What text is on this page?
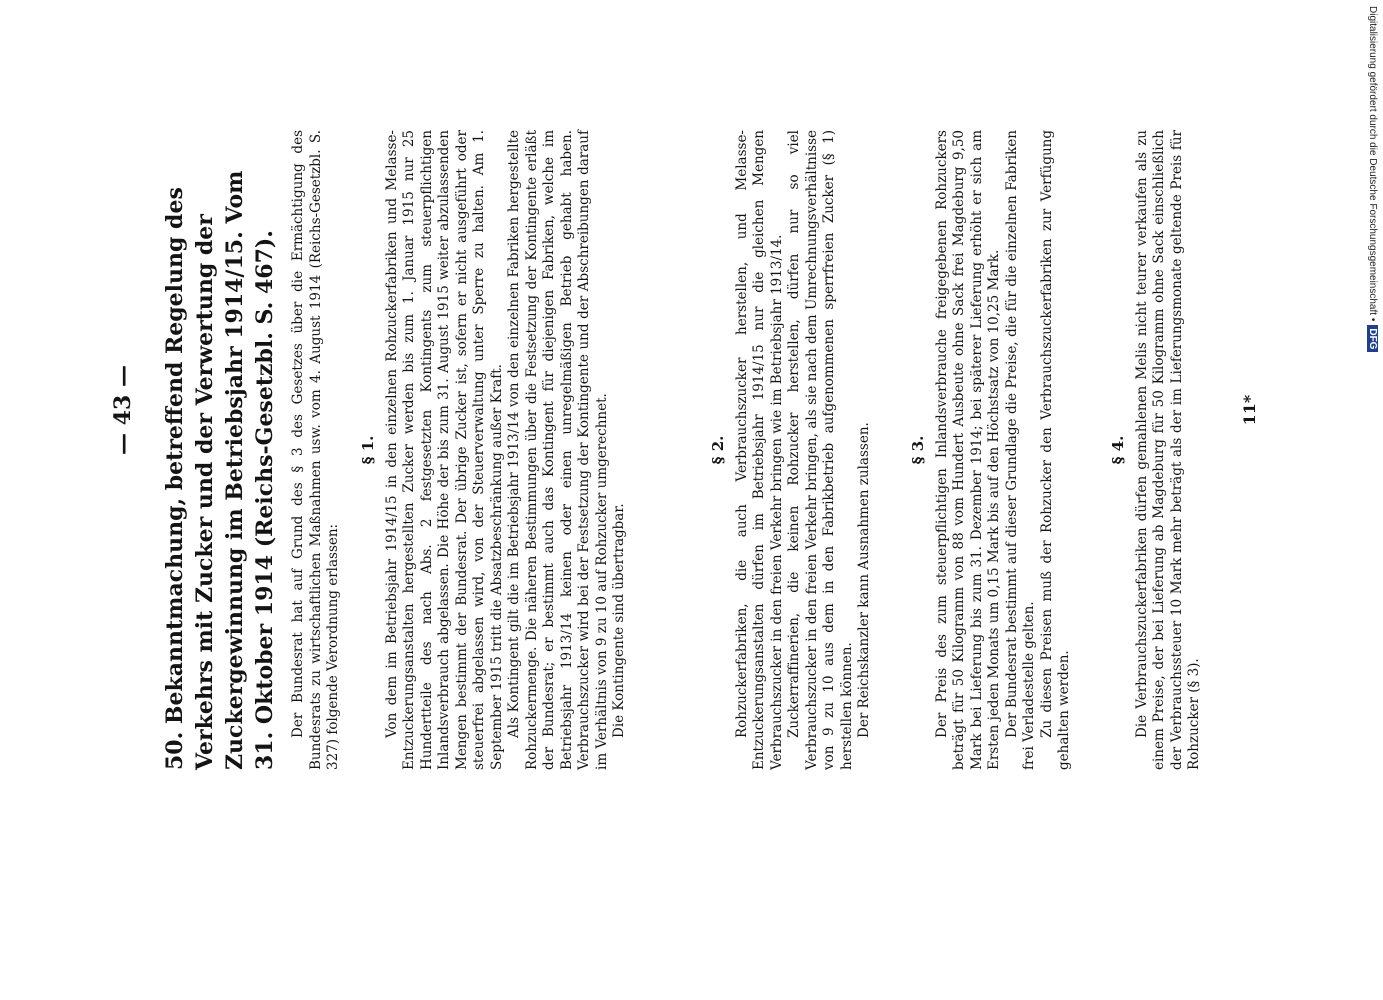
— 43 — 50. Bekanntmachung, betreffend Regelung des Verkehrs mit Zucker und der Verwertung der Zuckergewinnung im Betriebsjahr 1914/15. Vom 31. Oktober 1914 (Reichs-Gesetzbl. S. 467). Der Bundesrat hat auf Grund des § 3 des Gesetzes über die Ermächtigung des Bundesrats zu wirtschaftlichen Maßnahmen usw. vom 4. August 1914 (Reichs-Gesetzbl. S. 327) folgende Verordnung erlassen:

§ 1. Von dem im Betriebsjahr 1914/15 in den einzelnen Rohzuckerfabriken und Melasse-Entzuckerungsanstalten hergestellten Zucker werden bis zum 1. Januar 1915 nur 25 Hundertteile des nach Abs. 2 festgesetzten Kontingents zum steuerpflichtigen Inlandsverbrauch abgelassen. Die Höhe der bis zum 31. August 1915 weiter abzulassenden Mengen bestimmt der Bundesrat. Der übrige Zucker ist, sofern er nicht ausgeführt oder steuerfrei abgelassen wird, von der Steuerverwaltung unter Sperre zu halten. Am 1. September 1915 tritt die Absatzbeschränkung außer Kraft. Als Kontingent gilt die im Betriebsjahr 1913/14 von den einzelnen Fabriken hergestellte Rohzuckermenge. Die näheren Bestimmungen über die Festsetzung der Kontingente erläßt der Bundesrat; er bestimmt auch das Kontingent für diejenigen Fabriken, welche im Betriebsjahr 1913/14 keinen oder einen unregelmäßigen Betrieb gehabt haben. Verbrauchszucker wird bei der Festsetzung der Kontingente und der Abschreibungen darauf im Verhältnis von 9 zu 10 auf Rohzucker umgerechnet. Die Kontingente sind übertragbar.

§ 2. Rohzuckerfabriken, die auch Verbrauchszucker herstellen, und Melasse-Entzuckerungsanstalten dürfen im Betriebsjahr 1914/15 nur die gleichen Mengen Verbrauchszucker in den freien Verkehr bringen wie im Betriebsjahr 1913/14. Zuckerraffinerien, die keinen Rohzucker herstellen, dürfen nur so viel Verbrauchszucker in den freien Verkehr bringen, als sie nach dem Umrechnungsverhältnisse von 9 zu 10 aus dem in den Fabrikbetrieb aufgenommenen sperrfreien Zucker (§ 1) herstellen können. Der Reichskanzler kann Ausnahmen zulassen. § 3. Der Preis des zum steuerpflichtigen Inlandsverbrauche freigegebenen Rohzuckers beträgt für 50 Kilogramm von 88 vom Hundert Ausbeute ohne Sack frei Magdeburg 9,50 Mark bei Lieferung bis zum 31. Dezember 1914; bei späterer Lieferung erhöht er sich am Ersten jeden Monats um 0,15 Mark bis auf den Höchstsatz von 10,25 Mark. Der Bundesrat bestimmt auf dieser Grundlage die Preise, die für die einzelnen Fabriken frei Verladestelle gelten. Zu diesen Preisen muß der Rohzucker den Verbrauchszuckerfabriken zur Verfügung gehalten werden.

§ 4. Die Verbrauchszuckerfabriken dürfen gemahlenen Melis nicht teurer verkaufen als zu einem Preise, der bei Lieferung ab Magdeburg für 50 Kilogramm ohne Sack einschließlich der Verbrauchssteuer 10 Mark mehr beträgt als der im Lieferungsmonate geltende Preis für Rohzucker (§ 3).

11*
Digitalisierung gefördert durch die Deutsche Forschungsgemeinschaft •DFG
